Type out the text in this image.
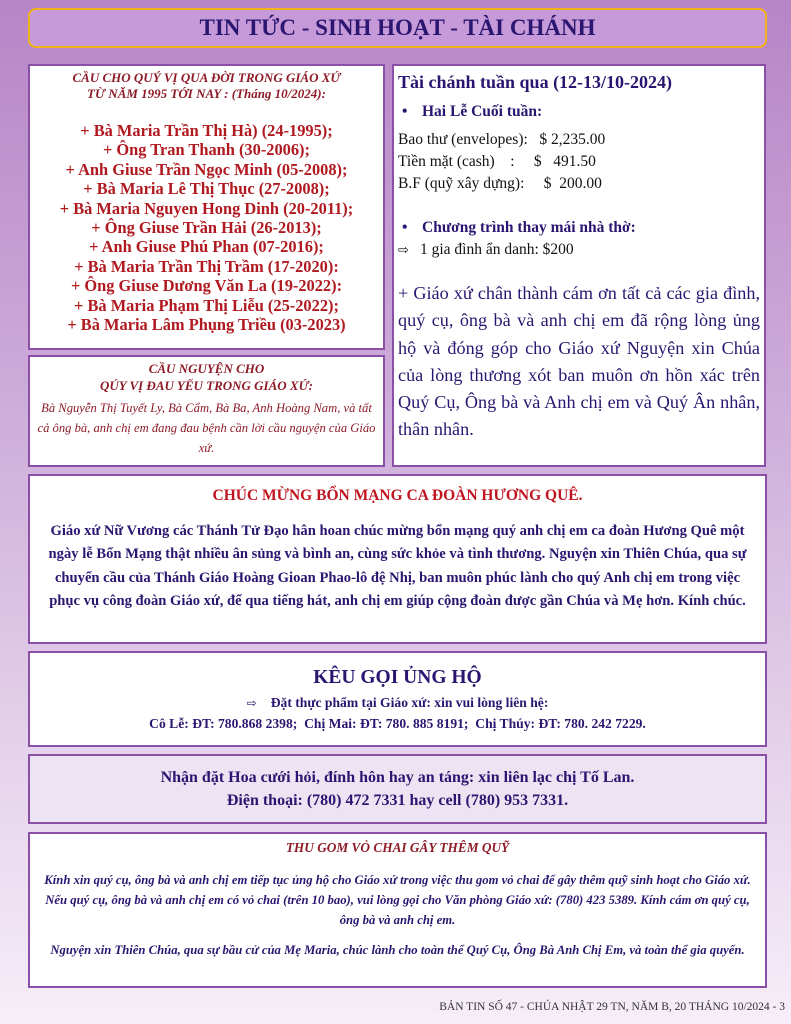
TIN TỨC - SINH HOẠT - TÀI CHÁNH
CẦU CHO QUÝ VỊ QUA ĐỜI TRONG GIÁO XỨ
TỪ NĂM 1995 TỚI NAY : (Tháng 10/2024):
+ Bà Maria Trần Thị Hà) (24-1995);
+ Ông Tran Thanh (30-2006);
+ Anh Giuse Trần Ngọc Minh (05-2008);
+ Bà Maria Lê Thị Thục (27-2008);
+ Bà Maria Nguyen Hong Dinh (20-2011);
+ Ông Giuse Trần Hải (26-2013);
+ Anh Giuse Phú Phan (07-2016);
+ Bà Maria Trần Thị Trầm (17-2020):
+ Ông Giuse Dương Văn La (19-2022):
+ Bà Maria Phạm Thị Liễu (25-2022);
+ Bà Maria Lâm Phụng Triều (03-2023)
CẦU NGUYỆN CHO
QÚY VỊ ĐAU YẾU TRONG GIÁO XỨ:
Bà Nguyễn Thị Tuyết Ly, Bà Cẩm, Bà Ba, Anh Hoàng Nam, và tất cả ông bà, anh chị em đang đau bệnh cần lời cầu nguyện của Giáo xứ.
Tài chánh tuần qua (12-13/10-2024)
• Hai Lễ Cuối tuần:
Bao thư (envelopes):   $ 2,235.00
Tiền mặt (cash)    :     $   491.50
B.F (quỹ xây dựng):     $  200.00
• Chương trình thay mái nhà thờ:
⇨ 1 gia đình ẩn danh: $200
+ Giáo xứ chân thành cám ơn tất cả các gia đình, quý cụ, ông bà và anh chị em đã rộng lòng ủng hộ và đóng góp cho Giáo xứ Nguyện xin Chúa của lòng thương xót ban muôn ơn hồn xác trên Quý Cụ, Ông bà và Anh chị em và Quý Ân nhân, thân nhân.
CHÚC MỪNG BỔN MẠNG CA ĐOÀN HƯƠNG QUÊ.
Giáo xứ Nữ Vương các Thánh Tử Đạo hân hoan chúc mừng bổn mạng quý anh chị em ca đoàn Hương Quê một ngày lễ Bổn Mạng thật nhiều ân sủng và bình an, cùng sức khỏe và tình thương. Nguyện xin Thiên Chúa, qua sự chuyển cầu của Thánh Giáo Hoàng Gioan Phao-lô đệ Nhị, ban muôn phúc lành cho quý Anh chị em trong việc phục vụ công đoàn Giáo xứ, để qua tiếng hát, anh chị em giúp cộng đoàn được gần Chúa và Mẹ hơn. Kính chúc.
KÊU GỌI ỦNG HỘ
⇨ Đặt thực phẩm tại Giáo xứ: xin vui lòng liên hệ:
Cô Lễ: ĐT: 780.868 2398;  Chị Mai: ĐT: 780. 885 8191;  Chị Thúy: ĐT: 780. 242 7229.
Nhận đặt Hoa cưới hỏi, đính hôn hay an táng: xin liên lạc chị Tố Lan.
Điện thoại: (780) 472 7331 hay cell (780) 953 7331.
THU GOM VỎ CHAI GÂY THÊM QUỸ
Kính xin quý cụ, ông bà và anh chị em tiếp tục ủng hộ cho Giáo xứ trong việc thu gom vỏ chai để gây thêm quỹ sinh hoạt cho Giáo xứ. Nếu quý cụ, ông bà và anh chị em có vỏ chai (trên 10 bao), vui lòng gọi cho Văn phòng Giáo xứ: (780) 423 5389. Kính cám ơn quý cụ, ông bà và anh chị em.
Nguyện xin Thiên Chúa, qua sự bầu cử của Mẹ Maria, chúc lành cho toàn thể Quý Cụ, Ông Bà Anh Chị Em, và toàn thể gia quyến.
BẢN TIN SỐ 47 - CHÚA NHẬT 29 TN, NĂM B, 20 THÁNG 10/2024 - 3
